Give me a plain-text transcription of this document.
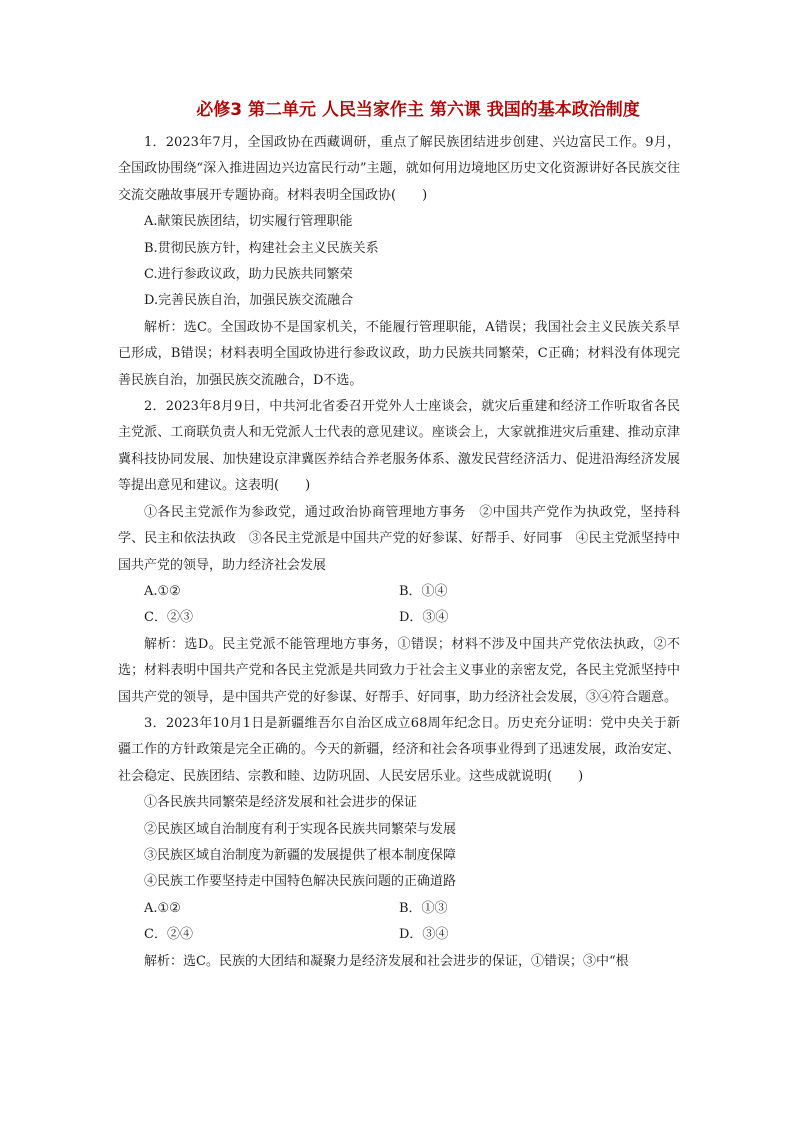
必修3 第二单元 人民当家作主 第六课 我国的基本政治制度

1．2023年7月，全国政协在西藏调研，重点了解民族团结进步创建、兴边富民工作。9月，全国政协围绕“深入推进固边兴边富民行动”主题，就如何用边境地区历史文化资源讲好各民族交往交流交融故事展开专题协商。材料表明全国政协(　　)

A.献策民族团结，切实履行管理职能

B.贯彻民族方针，构建社会主义民族关系

C.进行参政议政，助力民族共同繁荣

D.完善民族自治，加强民族交流融合

解析：选C。全国政协不是国家机关，不能履行管理职能，A错误；我国社会主义民族关系早已形成，B错误；材料表明全国政协进行参政议政，助力民族共同繁荣，C正确；材料没有体现完善民族自治，加强民族交流融合，D不选。

2．2023年8月9日，中共河北省委召开党外人士座谈会，就灾后重建和经济工作听取省各民主党派、工商联负责人和无党派人士代表的意见建议。座谈会上，大家就推进灾后重建、推动京津冀科技协同发展、加快建设京津冀医养结合养老服务体系、激发民营经济活力、促进沿海经济发展等提出意见和建议。这表明(　　)

①各民主党派作为参政党，通过政治协商管理地方事务　②中国共产党作为执政党，坚持科学、民主和依法执政　③各民主党派是中国共产党的好参谋、好帮手、好同事　④民主党派坚持中国共产党的领导，助力经济社会发展

A.①②	B．①④
C．②③	D．③④

解析：选D。民主党派不能管理地方事务，①错误；材料不涉及中国共产党依法执政，②不选；材料表明中国共产党和各民主党派是共同致力于社会主义事业的亲密友党，各民主党派坚持中国共产党的领导，是中国共产党的好参谋、好帮手、好同事，助力经济社会发展，③④符合题意。

3．2023年10月1日是新疆维吾尔自治区成立68周年纪念日。历史充分证明：党中央关于新疆工作的方针政策是完全正确的。今天的新疆，经济和社会各项事业得到了迅速发展，政治安定、社会稳定、民族团结、宗教和睦、边防巩固、人民安居乐业。这些成就说明(　　)

①各民族共同繁荣是经济发展和社会进步的保证

②民族区域自治制度有利于实现各民族共同繁荣与发展

③民族区域自治制度为新疆的发展提供了根本制度保障

④民族工作要坚持走中国特色解决民族问题的正确道路

A.①②	B．①③
C．②④	D．③④

解析：选C。民族的大团结和凝聚力是经济发展和社会进步的保证，①错误；③中“根
